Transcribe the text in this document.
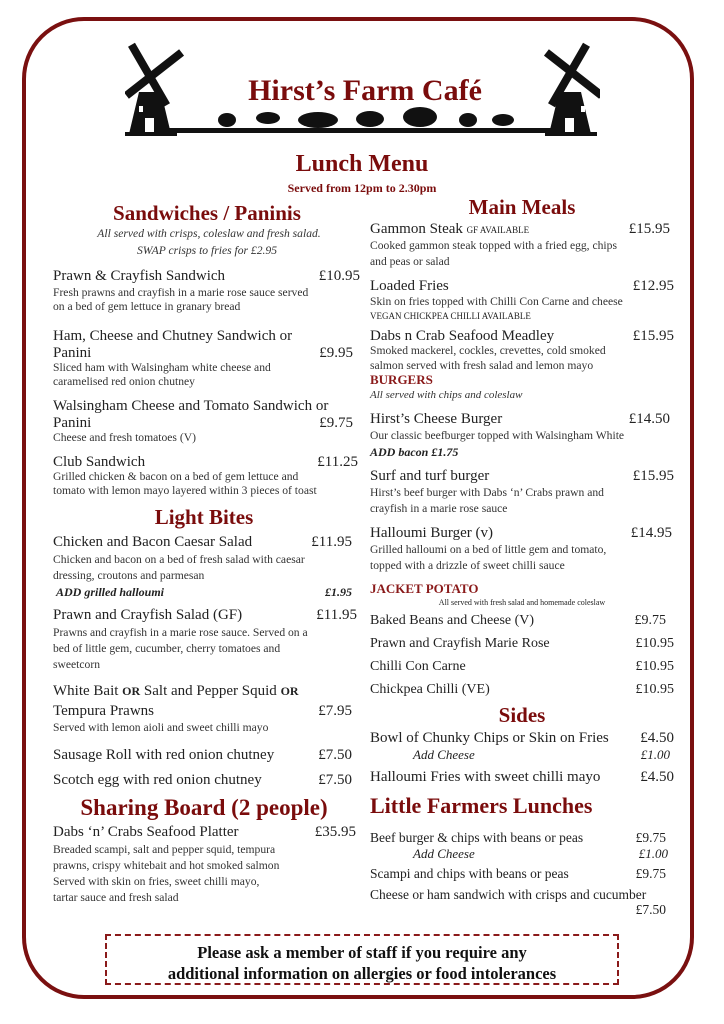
Hirst’s Farm Café
Lunch Menu
Served from 12pm to 2.30pm
Sandwiches / Paninis
All served with crisps, coleslaw and fresh salad.
SWAP crisps to fries for £2.95
Prawn & Crayfish Sandwich	£10.95
Fresh prawns and crayfish in a marie rose sauce served
on a bed of gem lettuce in granary bread
Ham, Cheese and Chutney Sandwich or
Panini	£9.95
Sliced ham with Walsingham white cheese and
caramelised red onion chutney
Walsingham Cheese and Tomato Sandwich or
Panini	£9.75
Cheese and fresh tomatoes (V)
Club Sandwich	£11.25
Grilled chicken & bacon on a bed of gem lettuce and
tomato with lemon mayo layered within 3 pieces of toast
Light Bites
Chicken and Bacon Caesar Salad	£11.95
Chicken and bacon on a bed of fresh salad with caesar
dressing, croutons and parmesan
ADD grilled halloumi	£1.95
Prawn and Crayfish Salad (GF)	£11.95
Prawns and crayfish in a marie rose sauce. Served on a
bed of little gem, cucumber, cherry tomatoes and
sweetcorn
White Bait OR Salt and Pepper Squid OR
Tempura Prawns	£7.95
Served with lemon aioli and sweet chilli mayo
Sausage Roll with red onion chutney	£7.50
Scotch egg with red onion chutney	£7.50
Sharing Board (2 people)
Dabs ‘n’ Crabs Seafood Platter	£35.95
Breaded scampi, salt and pepper squid, tempura
prawns, crispy whitebait and hot smoked salmon
Served with skin on fries, sweet chilli mayo,
tartar sauce and fresh salad
Main Meals
Gammon Steak GF AVAILABLE	£15.95
Cooked gammon steak topped with a fried egg, chips
and peas or salad
Loaded Fries	£12.95
Skin on fries topped with Chilli Con Carne and cheese
VEGAN CHICKPEA CHILLI AVAILABLE
Dabs n Crab Seafood Meadley	£15.95
Smoked mackerel, cockles, crevettes, cold smoked
salmon served with fresh salad and lemon mayo
BURGERS
All served with chips and coleslaw
Hirst’s Cheese Burger	£14.50
Our classic beefburger topped with Walsingham White
ADD bacon £1.75
Surf and turf burger	£15.95
Hirst’s beef burger with Dabs ‘n’ Crabs prawn and
crayfish in a marie rose sauce
Halloumi Burger (v)	£14.95
Grilled halloumi on a bed of little gem and tomato,
topped with a drizzle of sweet chilli sauce
JACKET POTATO
All served with fresh salad and homemade coleslaw
Baked Beans and Cheese (V)	£9.75
Prawn and Crayfish Marie Rose	£10.95
Chilli Con Carne	£10.95
Chickpea Chilli (VE)	£10.95
Sides
Bowl of Chunky Chips or Skin on Fries £4.50
Add Cheese	£1.00
Halloumi Fries with sweet chilli mayo	£4.50
Little Farmers Lunches
Beef burger & chips with beans or peas	£9.75
Add Cheese	£1.00
Scampi and chips with beans or peas	£9.75
Cheese or ham sandwich with crisps and cucumber
£7.50
Please ask a member of staff if you require any
additional information on allergies or food intolerances
